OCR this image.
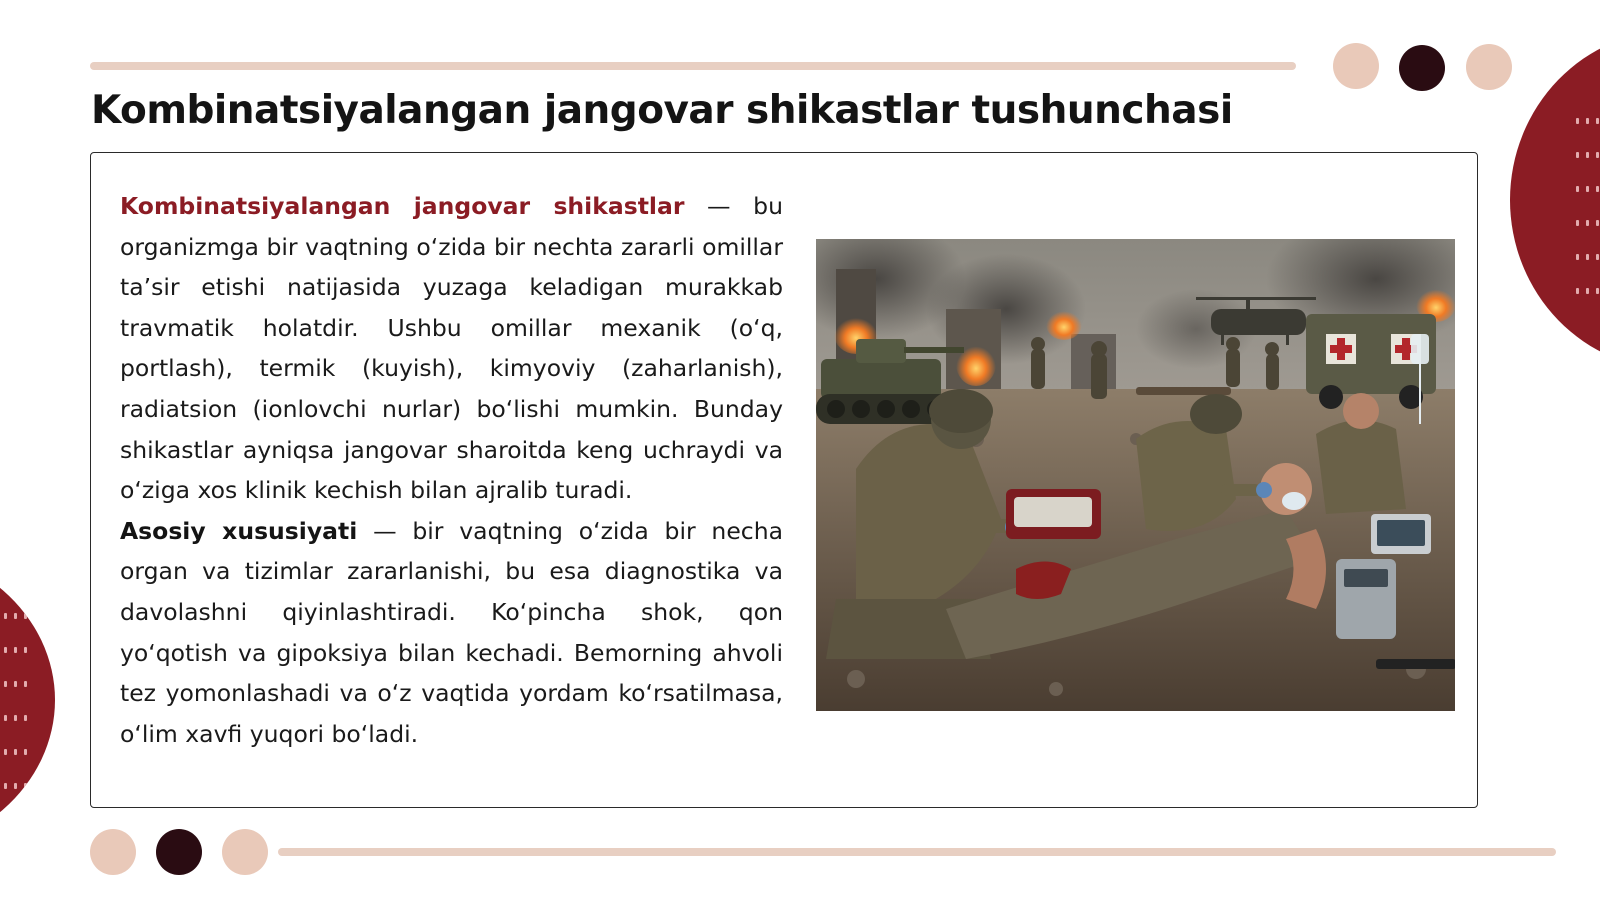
Kombinatsiyalangan jangovar shikastlar tushunchasi

Kombinatsiyalangan jangovar shikastlar — bu organizmga bir vaqtning o‘zida bir nechta zararli omillar ta’sir etishi natijasida yuzaga keladigan murakkab travmatik holatdir. Ushbu omillar mexanik (o‘q, portlash), termik (kuyish), kimyoviy (zaharlanish), radiatsion (ionlovchi nurlar) bo‘lishi mumkin. Bunday shikastlar ayniqsa jangovar sharoitda keng uchraydi va o‘ziga xos klinik kechish bilan ajralib turadi.

Asosiy xususiyati — bir vaqtning o‘zida bir necha organ va tizimlar zararlanishi, bu esa diagnostika va davolashni qiyinlashtiradi. Ko‘pincha shok, qon yo‘qotish va gipoksiya bilan kechadi. Bemorning ahvoli tez yomonlashadi va o‘z vaqtida yordam ko‘rsatilmasa, o‘lim xavfi yuqori bo‘ladi.
